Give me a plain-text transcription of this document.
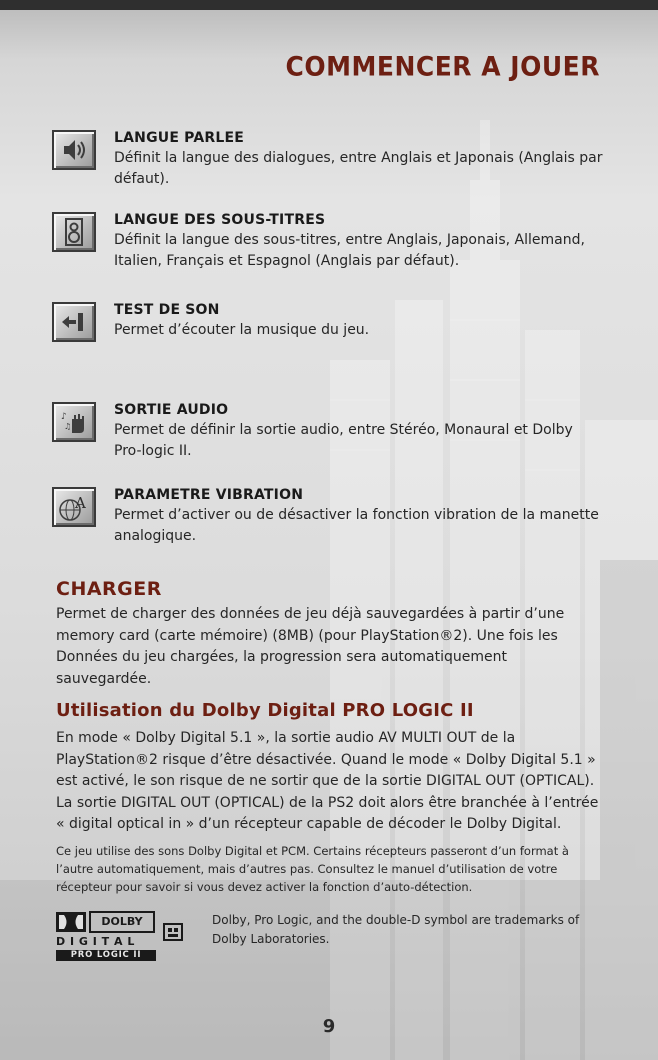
COMMENCER A JOUER
LANGUE PARLEE
Définit la langue des dialogues, entre Anglais et Japonais (Anglais par défaut).
LANGUE DES SOUS-TITRES
Définit la langue des sous-titres, entre Anglais, Japonais, Allemand, Italien, Français et Espagnol (Anglais par défaut).
TEST DE SON
Permet d’écouter la musique du jeu.
♪
♫
SORTIE AUDIO
Permet de définir la sortie audio, entre Stéréo, Monaural et Dolby Pro-logic II.
A PARAMETRE VIBRATION
Permet d’activer ou de désactiver la fonction vibration de la manette analogique.
CHARGER
Permet de charger des données de jeu déjà sauvegardées à partir d’une memory card (carte mémoire) (8MB) (pour PlayStation®2). Une fois les Données du jeu chargées, la progression sera automatiquement sauvegardée.
Utilisation du Dolby Digital PRO LOGIC II
En mode « Dolby Digital 5.1 », la sortie audio AV MULTI OUT de la PlayStation®2 risque d’être désactivée. Quand le mode « Dolby Digital 5.1 » est activé, le son risque de ne sortir que de la sortie DIGITAL OUT (OPTICAL). La sortie DIGITAL OUT (OPTICAL) de la PS2 doit alors être branchée à l’entrée « digital optical in » d’un récepteur capable de décoder le Dolby Digital.
Ce jeu utilise des sons Dolby Digital et PCM. Certains récepteurs passeront d’un format à l’autre automatiquement, mais d’autres pas. Consultez le manuel d’utilisation de votre récepteur pour savoir si vous devez activer la fonction d’auto-détection.
DOLBY
D I G I T A L
PRO LOGIC II
Dolby, Pro Logic, and the double-D symbol are trademarks of Dolby Laboratories.
9
